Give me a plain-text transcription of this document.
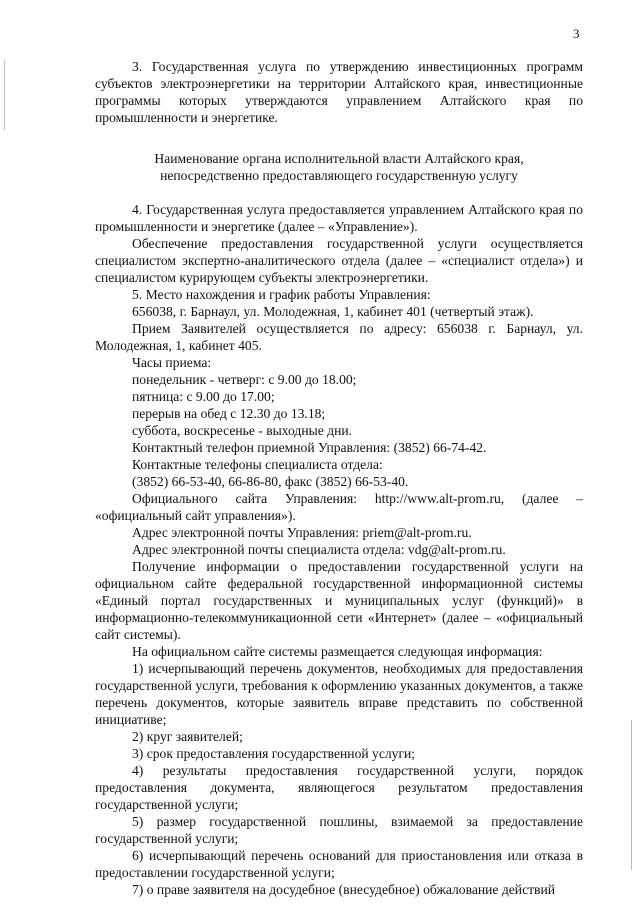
3

3. Государственная услуга по утверждению инвестиционных программ субъектов электроэнергетики на территории Алтайского края, инвестиционные программы которых утверждаются управлением Алтайского края по промышленности и энергетике.

Наименование органа исполнительной власти Алтайского края,

непосредственно предоставляющего государственную услугу

4. Государственная услуга предоставляется управлением Алтайского края по промышленности и энергетике (далее – «Управление»).

Обеспечение предоставления государственной услуги осуществляется специалистом экспертно-аналитического отдела (далее – «специалист отдела») и специалистом курирующем субъекты электроэнергетики.

5. Место нахождения и график работы Управления:

656038, г. Барнаул, ул. Молодежная, 1, кабинет 401 (четвертый этаж).

Прием Заявителей осуществляется по адресу: 656038 г. Барнаул, ул. Молодежная, 1, кабинет 405.

Часы приема:

понедельник - четверг: с 9.00 до 18.00;

пятница: с 9.00 до 17.00;

перерыв на обед с 12.30 до 13.18;

суббота, воскресенье - выходные дни.

Контактный телефон приемной Управления: (3852) 66-74-42.

Контактные телефоны специалиста отдела:

(3852) 66-53-40, 66-86-80, факс (3852) 66-53-40.

Официального сайта Управления: http://www.alt-prom.ru, (далее – «официальный сайт управления»).

Адрес электронной почты Управления: priem@alt-prom.ru.

Адрес электронной почты специалиста отдела: vdg@alt-prom.ru.

Получение информации о предоставлении государственной услуги на официальном сайте федеральной государственной информационной системы «Единый портал государственных и муниципальных услуг (функций)» в информационно-телекоммуникационной сети «Интернет» (далее – «официальный сайт системы).

На официальном сайте системы размещается следующая информация:

1) исчерпывающий перечень документов, необходимых для предоставления государственной услуги, требования к оформлению указанных документов, а также перечень документов, которые заявитель вправе представить по собственной инициативе;

2) круг заявителей;

3) срок предоставления государственной услуги;

4) результаты предоставления государственной услуги, порядок предоставления документа, являющегося результатом предоставления государственной услуги;

5) размер государственной пошлины, взимаемой за предоставление государственной услуги;

6) исчерпывающий перечень оснований для приостановления или отказа в предоставлении государственной услуги;

7) о праве заявителя на досудебное (внесудебное) обжалование действий
